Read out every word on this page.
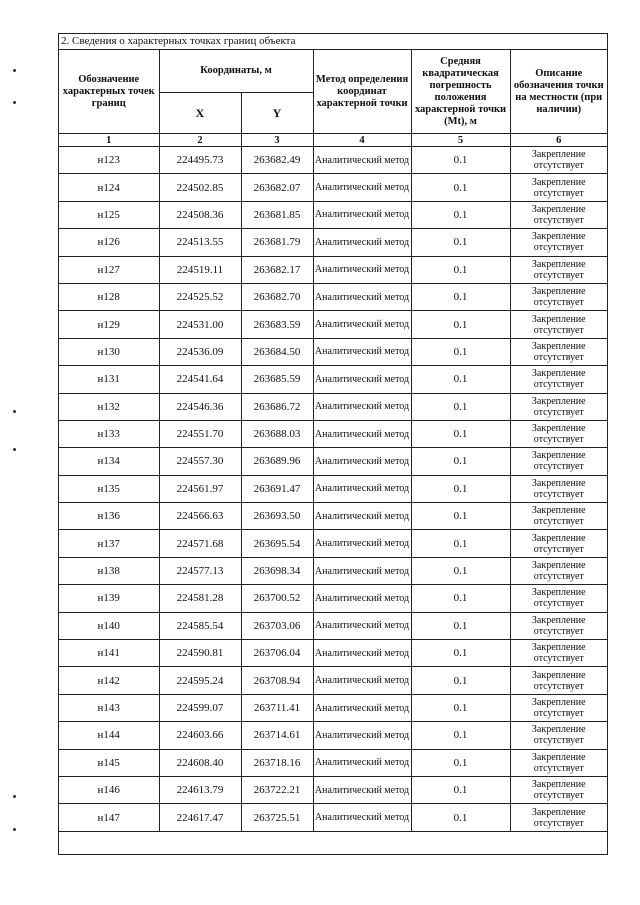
2. Сведения о характерных точках границ объекта
Обозначение характерных точек границ	Координаты, м		Метод определения координат характерной точки	Средняя квадратическая погрешность положения характерной точки (Mt), м	Описание обозначения точки на местности (при наличии)
	X	Y			
1	2	3	4	5	6
н123	224495.73	263682.49	Аналитический метод	0.1	Закрепление отсутствует
н124	224502.85	263682.07	Аналитический метод	0.1	Закрепление отсутствует
н125	224508.36	263681.85	Аналитический метод	0.1	Закрепление отсутствует
н126	224513.55	263681.79	Аналитический метод	0.1	Закрепление отсутствует
н127	224519.11	263682.17	Аналитический метод	0.1	Закрепление отсутствует
н128	224525.52	263682.70	Аналитический метод	0.1	Закрепление отсутствует
н129	224531.00	263683.59	Аналитический метод	0.1	Закрепление отсутствует
н130	224536.09	263684.50	Аналитический метод	0.1	Закрепление отсутствует
н131	224541.64	263685.59	Аналитический метод	0.1	Закрепление отсутствует
н132	224546.36	263686.72	Аналитический метод	0.1	Закрепление отсутствует
н133	224551.70	263688.03	Аналитический метод	0.1	Закрепление отсутствует
н134	224557.30	263689.96	Аналитический метод	0.1	Закрепление отсутствует
н135	224561.97	263691.47	Аналитический метод	0.1	Закрепление отсутствует
н136	224566.63	263693.50	Аналитический метод	0.1	Закрепление отсутствует
н137	224571.68	263695.54	Аналитический метод	0.1	Закрепление отсутствует
н138	224577.13	263698.34	Аналитический метод	0.1	Закрепление отсутствует
н139	224581.28	263700.52	Аналитический метод	0.1	Закрепление отсутствует
н140	224585.54	263703.06	Аналитический метод	0.1	Закрепление отсутствует
н141	224590.81	263706.04	Аналитический метод	0.1	Закрепление отсутствует
н142	224595.24	263708.94	Аналитический метод	0.1	Закрепление отсутствует
н143	224599.07	263711.41	Аналитический метод	0.1	Закрепление отсутствует
н144	224603.66	263714.61	Аналитический метод	0.1	Закрепление отсутствует
н145	224608.40	263718.16	Аналитический метод	0.1	Закрепление отсутствует
н146	224613.79	263722.21	Аналитический метод	0.1	Закрепление отсутствует
н147	224617.47	263725.51	Аналитический метод	0.1	Закрепление отсутствует
